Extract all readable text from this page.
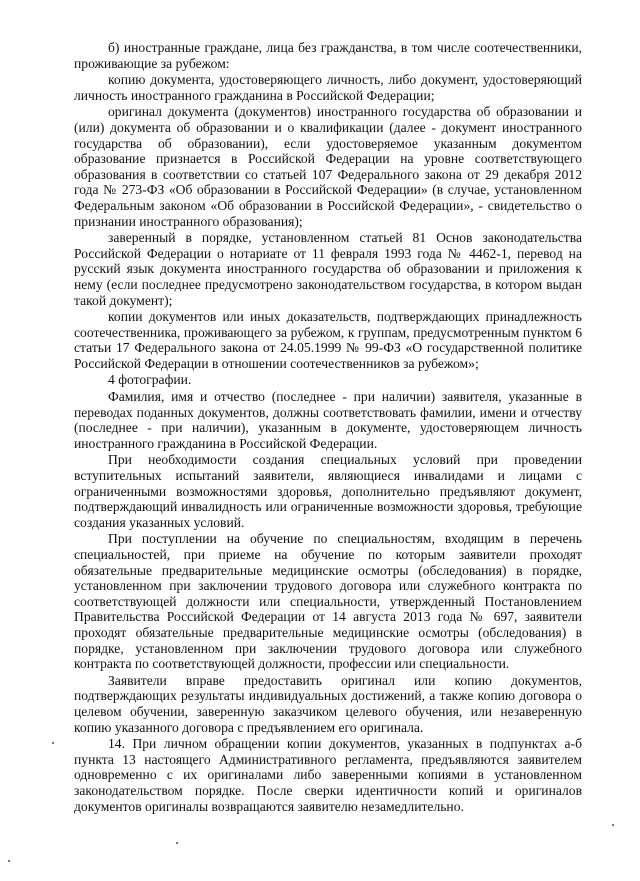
б) иностранные граждане, лица без гражданства, в том числе соотечественники, проживающие за рубежом:

копию документа, удостоверяющего личность, либо документ, удостоверяющий личность иностранного гражданина в Российской Федерации;

оригинал документа (документов) иностранного государства об образовании и (или) документа об образовании и о квалификации (далее - документ иностранного государства об образовании), если удостоверяемое указанным документом образование признается в Российской Федерации на уровне соответствующего образования в соответствии со статьей 107 Федерального закона от 29 декабря 2012 года № 273-ФЗ «Об образовании в Российской Федерации» (в случае, установленном Федеральным законом «Об образовании в Российской Федерации», - свидетельство о признании иностранного образования);

заверенный в порядке, установленном статьей 81 Основ законодательства Российской Федерации о нотариате от 11 февраля 1993 года № 4462-1, перевод на русский язык документа иностранного государства об образовании и приложения к нему (если последнее предусмотрено законодательством государства, в котором выдан такой документ);

копии документов или иных доказательств, подтверждающих принадлежность соотечественника, проживающего за рубежом, к группам, предусмотренным пунктом 6 статьи 17 Федерального закона от 24.05.1999 № 99-ФЗ «О государственной политике Российской Федерации в отношении соотечественников за рубежом»;

4 фотографии.

Фамилия, имя и отчество (последнее - при наличии) заявителя, указанные в переводах поданных документов, должны соответствовать фамилии, имени и отчеству (последнее - при наличии), указанным в документе, удостоверяющем личность иностранного гражданина в Российской Федерации.

При необходимости создания специальных условий при проведении вступительных испытаний заявители, являющиеся инвалидами и лицами с ограниченными возможностями здоровья, дополнительно предъявляют документ, подтверждающий инвалидность или ограниченные возможности здоровья, требующие создания указанных условий.

При поступлении на обучение по специальностям, входящим в перечень специальностей, при приеме на обучение по которым заявители проходят обязательные предварительные медицинские осмотры (обследования) в порядке, установленном при заключении трудового договора или служебного контракта по соответствующей должности или специальности, утвержденный Постановлением Правительства Российской Федерации от 14 августа 2013 года № 697, заявители проходят обязательные предварительные медицинские осмотры (обследования) в порядке, установленном при заключении трудового договора или служебного контракта по соответствующей должности, профессии или специальности.

Заявители вправе предоставить оригинал или копию документов, подтверждающих результаты индивидуальных достижений, а также копию договора о целевом обучении, заверенную заказчиком целевого обучения, или незаверенную копию указанного договора с предъявлением его оригинала.

14. При личном обращении копии документов, указанных в подпунктах а-б пункта 13 настоящего Административного регламента, предъявляются заявителем одновременно с их оригиналами либо заверенными копиями в установленном законодательством порядке. После сверки идентичности копий и оригиналов документов оригиналы возвращаются заявителю незамедлительно.
